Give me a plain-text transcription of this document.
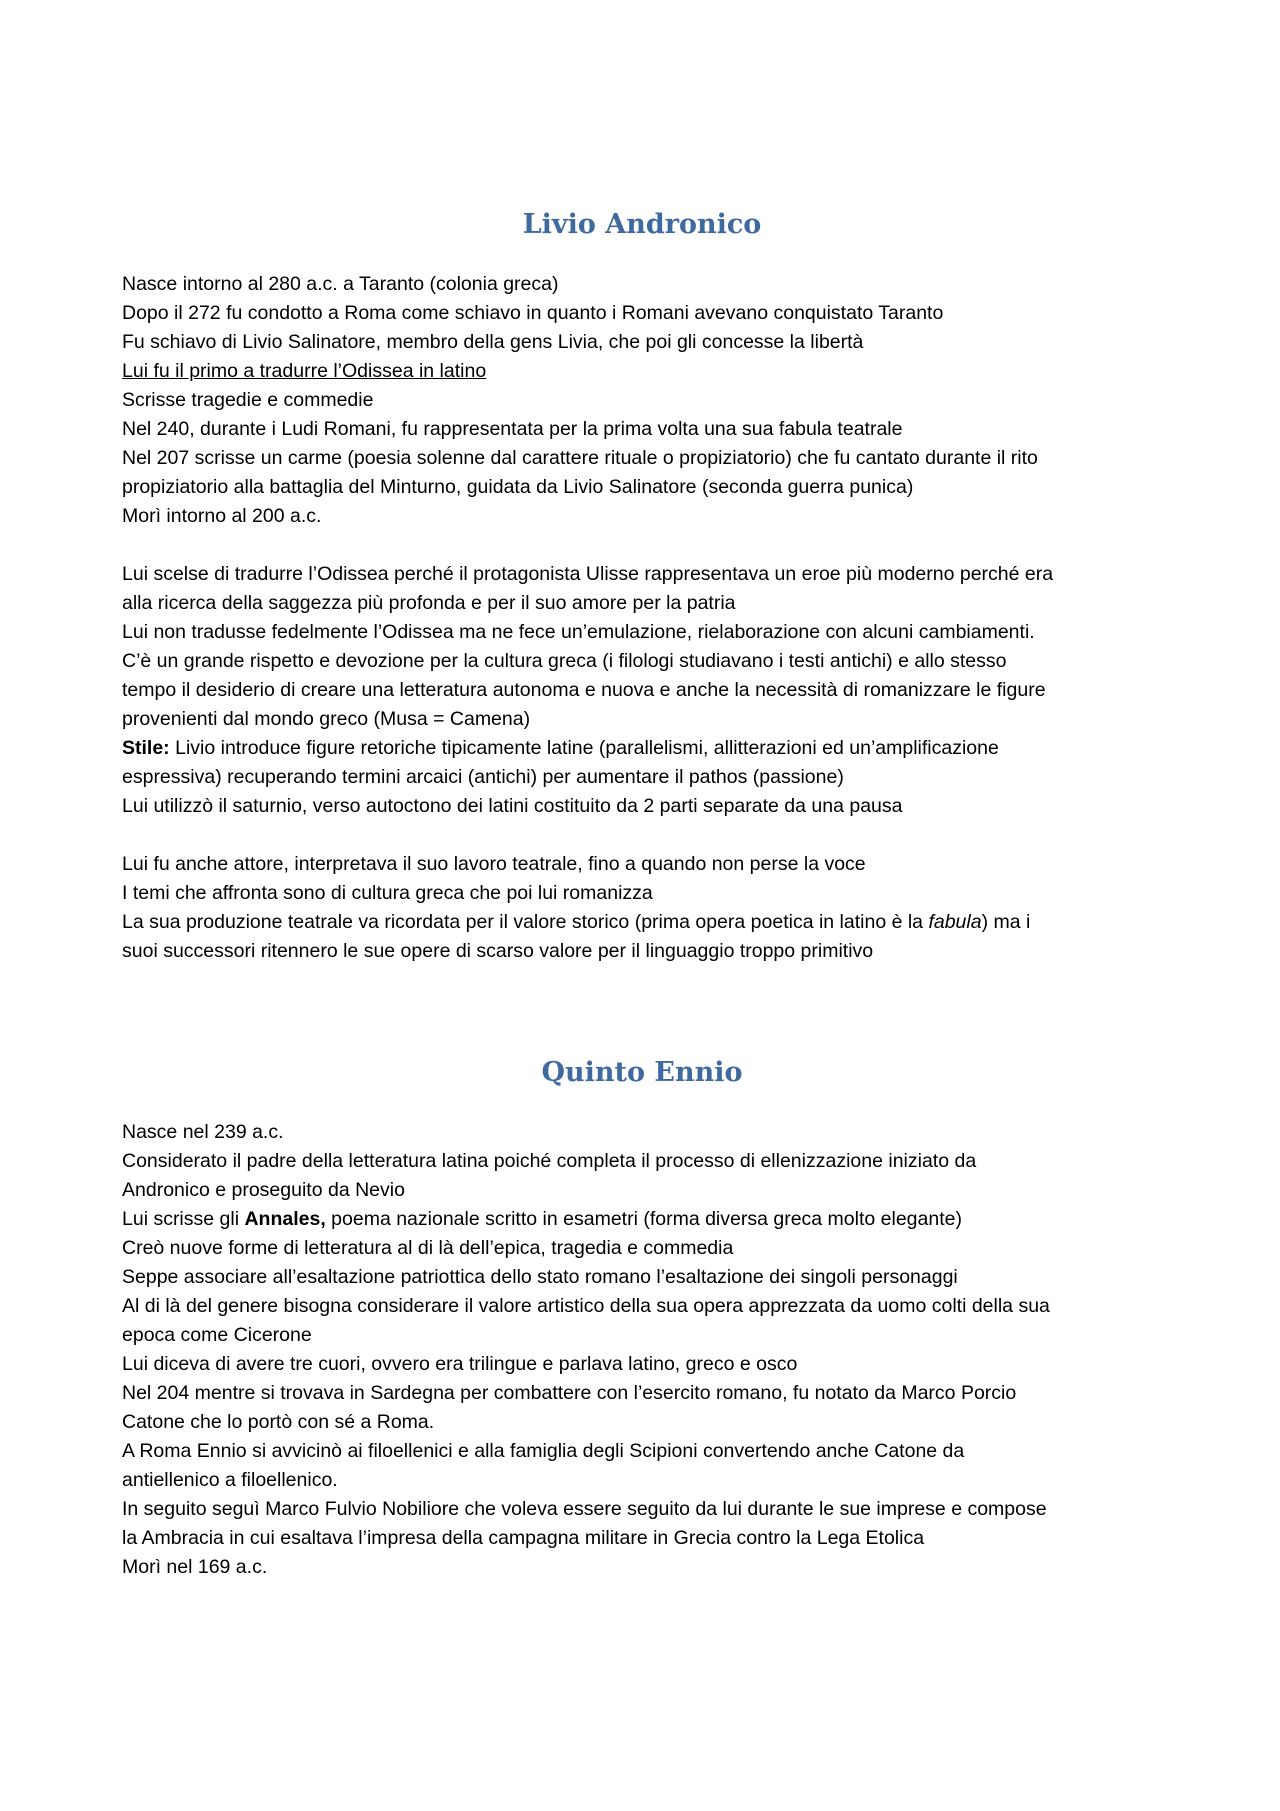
Livio Andronico

Nasce intorno al 280 a.c. a Taranto (colonia greca)

Dopo il 272 fu condotto a Roma come schiavo in quanto i Romani avevano conquistato Taranto

Fu schiavo di Livio Salinatore, membro della gens Livia, che poi gli concesse la libertà

Lui fu il primo a tradurre l’Odissea in latino

Scrisse tragedie e commedie

Nel 240, durante i Ludi Romani, fu rappresentata per la prima volta una sua fabula teatrale

Nel 207 scrisse un carme (poesia solenne dal carattere rituale o propiziatorio) che fu cantato durante il rito

propiziatorio alla battaglia del Minturno, guidata da Livio Salinatore (seconda guerra punica)

Morì intorno al 200 a.c.

Lui scelse di tradurre l’Odissea perché il protagonista Ulisse rappresentava un eroe più moderno perché era

alla ricerca della saggezza più profonda e per il suo amore per la patria

Lui non tradusse fedelmente l’Odissea ma ne fece un’emulazione, rielaborazione con alcuni cambiamenti.

C’è un grande rispetto e devozione per la cultura greca (i filologi studiavano i testi antichi) e allo stesso

tempo il desiderio di creare una letteratura autonoma e nuova e anche la necessità di romanizzare le figure

provenienti dal mondo greco (Musa = Camena)

Stile: Livio introduce figure retoriche tipicamente latine (parallelismi, allitterazioni ed un’amplificazione

espressiva) recuperando termini arcaici (antichi) per aumentare il pathos (passione)

Lui utilizzò il saturnio, verso autoctono dei latini costituito da 2 parti separate da una pausa

Lui fu anche attore, interpretava il suo lavoro teatrale, fino a quando non perse la voce

I temi che affronta sono di cultura greca che poi lui romanizza

La sua produzione teatrale va ricordata per il valore storico (prima opera poetica in latino è la fabula) ma i

suoi successori ritennero le sue opere di scarso valore per il linguaggio troppo primitivo

Quinto Ennio

Nasce nel 239 a.c.

Considerato il padre della letteratura latina poiché completa il processo di ellenizzazione iniziato da

Andronico e proseguito da Nevio

Lui scrisse gli Annales, poema nazionale scritto in esametri (forma diversa greca molto elegante)

Creò nuove forme di letteratura al di là dell’epica, tragedia e commedia

Seppe associare all’esaltazione patriottica dello stato romano l’esaltazione dei singoli personaggi

Al di là del genere bisogna considerare il valore artistico della sua opera apprezzata da uomo colti della sua

epoca come Cicerone

Lui diceva di avere tre cuori, ovvero era trilingue e parlava latino, greco e osco

Nel 204 mentre si trovava in Sardegna per combattere con l’esercito romano, fu notato da Marco Porcio

Catone che lo portò con sé a Roma.

A Roma Ennio si avvicinò ai filoellenici e alla famiglia degli Scipioni convertendo anche Catone da

antiellenico a filoellenico.

In seguito seguì Marco Fulvio Nobiliore che voleva essere seguito da lui durante le sue imprese e compose

la Ambracia in cui esaltava l’impresa della campagna militare in Grecia contro la Lega Etolica

Morì nel 169 a.c.
